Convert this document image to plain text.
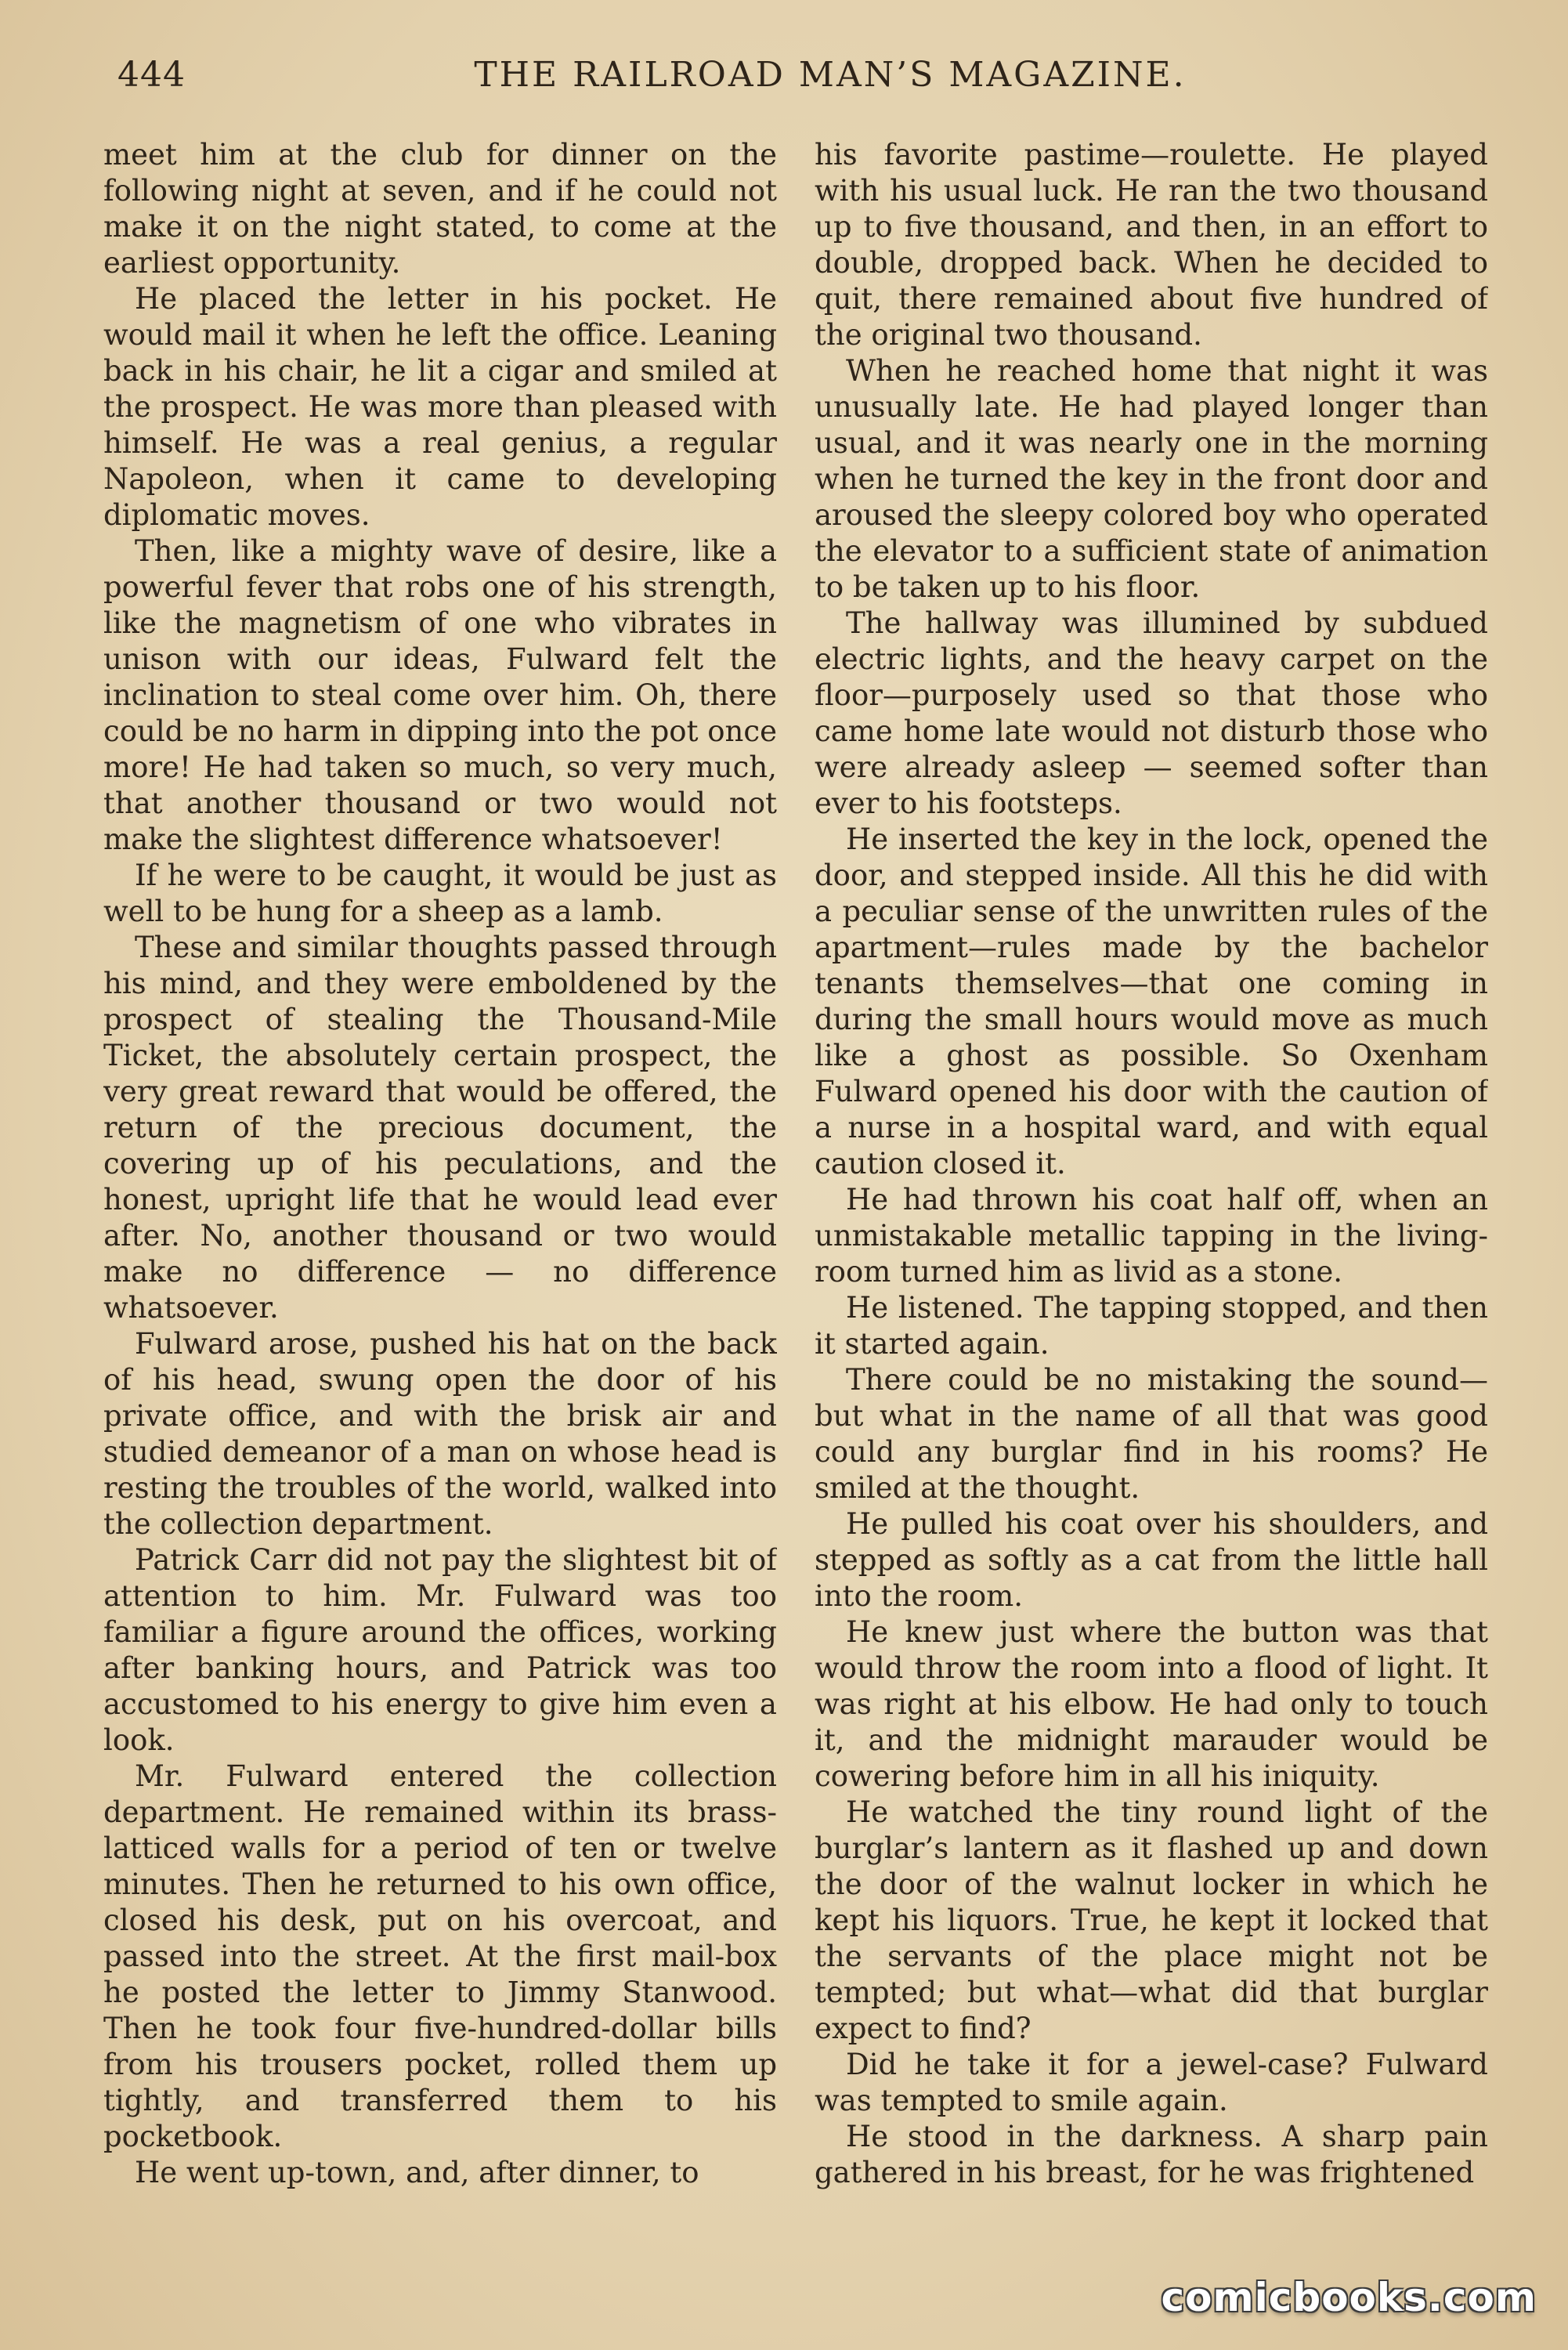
444	THE RAILROAD MAN’S MAGAZINE.

meet him at the club for dinner on the following night at seven, and if he could not make it on the night stated, to come at the earliest opportunity.

He placed the letter in his pocket. He would mail it when he left the office. Leaning back in his chair, he lit a cigar and smiled at the prospect. He was more than pleased with himself. He was a real genius, a regular Napoleon, when it came to developing diplomatic moves.

Then, like a mighty wave of desire, like a powerful fever that robs one of his strength, like the magnetism of one who vibrates in unison with our ideas, Fulward felt the inclination to steal come over him. Oh, there could be no harm in dipping into the pot once more! He had taken so much, so very much, that another thousand or two would not make the slightest difference whatsoever!

If he were to be caught, it would be just as well to be hung for a sheep as a lamb.

These and similar thoughts passed through his mind, and they were emboldened by the prospect of stealing the Thousand-Mile Ticket, the absolutely certain prospect, the very great reward that would be offered, the return of the precious document, the covering up of his peculations, and the honest, upright life that he would lead ever after. No, another thousand or two would make no difference — no difference whatsoever.

Fulward arose, pushed his hat on the back of his head, swung open the door of his private office, and with the brisk air and studied demeanor of a man on whose head is resting the troubles of the world, walked into the collection department.

Patrick Carr did not pay the slightest bit of attention to him. Mr. Fulward was too familiar a figure around the offices, working after banking hours, and Patrick was too accustomed to his energy to give him even a look.

Mr. Fulward entered the collection department. He remained within its brass-latticed walls for a period of ten or twelve minutes. Then he returned to his own office, closed his desk, put on his overcoat, and passed into the street. At the first mail-box he posted the letter to Jimmy Stanwood. Then he took four five-hundred-dollar bills from his trousers pocket, rolled them up tightly, and transferred them to his pocketbook.

He went up-town, and, after dinner, to

his favorite pastime—roulette. He played with his usual luck. He ran the two thousand up to five thousand, and then, in an effort to double, dropped back. When he decided to quit, there remained about five hundred of the original two thousand.

When he reached home that night it was unusually late. He had played longer than usual, and it was nearly one in the morning when he turned the key in the front door and aroused the sleepy colored boy who operated the elevator to a sufficient state of animation to be taken up to his floor.

The hallway was illumined by subdued electric lights, and the heavy carpet on the floor—purposely used so that those who came home late would not disturb those who were already asleep — seemed softer than ever to his footsteps.

He inserted the key in the lock, opened the door, and stepped inside. All this he did with a peculiar sense of the unwritten rules of the apartment—rules made by the bachelor tenants themselves—that one coming in during the small hours would move as much like a ghost as possible. So Oxenham Fulward opened his door with the caution of a nurse in a hospital ward, and with equal caution closed it.

He had thrown his coat half off, when an unmistakable metallic tapping in the living-room turned him as livid as a stone.

He listened. The tapping stopped, and then it started again.

There could be no mistaking the sound—but what in the name of all that was good could any burglar find in his rooms? He smiled at the thought.

He pulled his coat over his shoulders, and stepped as softly as a cat from the little hall into the room.

He knew just where the button was that would throw the room into a flood of light. It was right at his elbow. He had only to touch it, and the midnight marauder would be cowering before him in all his iniquity.

He watched the tiny round light of the burglar’s lantern as it flashed up and down the door of the walnut locker in which he kept his liquors. True, he kept it locked that the servants of the place might not be tempted; but what—what did that burglar expect to find?

Did he take it for a jewel-case? Fulward was tempted to smile again.

He stood in the darkness. A sharp pain gathered in his breast, for he was frightened

comicbooks.com
